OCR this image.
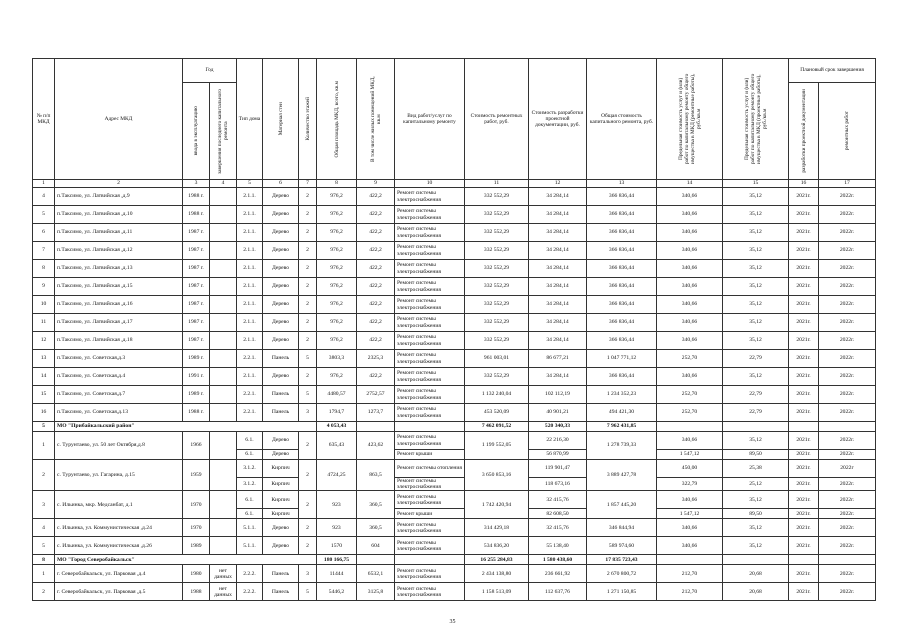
№ п/п МКД	Адрес МКД	Год		Тип дома	Материал стен	Количество этажей	Общая площадь МКД, всего, кв.м	В том числе жилых помещений МКД, кв.м	Вид работ/услуг по капитальному ремонту	Стоимость ремонтных работ, руб.	Стоимость разработки проектной документации, руб.	Общая стоимость капитального ремонта, руб.	Предельная стоимость услуг и (или) работ по капитальному ремонту общего имущества в МКД (ремонтные работы), руб./кв.м	Предельная стоимость услуг и (или) работ по капитальному ремонту общего имущества в МКД (проектные работы), руб./кв.м	Плановый срок завершения	

		ввода в эксплуатацию	завершения последнего капитального ремонта												разработки проектной документации	ремонтных работ

1	2	3	4	5	6	7	8	9	10	11	12	13	14	15	16	17
4	п.Таксимо, ул. Латвийская ,д.9	1988 г.		2.1.1.	Дерево	2	976,2	422,2	Ремонт системы электроснабжения	332 552,29	34 284,14	366 836,44	340,66	35,12	2021г.	2022г.
5	п.Таксимо, ул. Латвийская ,д.10	1988 г.		2.1.1.	Дерево	2	976,2	422,2	Ремонт системы электроснабжения	332 552,29	34 284,14	366 836,44	340,66	35,12	2021г.	2022г.
6	п.Таксимо, ул. Латвийская ,д.11	1987 г.		2.1.1.	Дерево	2	976,2	422,2	Ремонт системы электроснабжения	332 552,29	34 284,14	366 836,44	340,66	35,12	2021г.	2022г.
7	п.Таксимо, ул. Латвийская ,д.12	1987 г.		2.1.1.	Дерево	2	976,2	422,2	Ремонт системы электроснабжения	332 552,29	34 284,14	366 836,44	340,66	35,12	2021г.	2022г.
8	п.Таксимо, ул. Латвийская ,д.13	1987 г.		2.1.1.	Дерево	2	976,2	422,2	Ремонт системы электроснабжения	332 552,29	34 284,14	366 836,44	340,66	35,12	2021г.	2022г.
9	п.Таксимо, ул. Латвийская ,д.15	1987 г.		2.1.1.	Дерево	2	976,2	422,2	Ремонт системы электроснабжения	332 552,29	34 284,14	366 836,44	340,66	35,12	2021г.	2022г.
10	п.Таксимо, ул. Латвийская ,д.16	1987 г.		2.1.1.	Дерево	2	976,2	422,2	Ремонт системы электроснабжения	332 552,29	34 284,14	366 836,44	340,66	35,12	2021г.	2022г.
11	п.Таксимо, ул. Латвийская ,д.17	1987 г.		2.1.1.	Дерево	2	976,2	422,2	Ремонт системы электроснабжения	332 552,29	34 284,14	366 836,44	340,66	35,12	2021г.	2022г.
12	п.Таксимо, ул. Латвийская ,д.18	1987 г.		2.1.1.	Дерево	2	976,2	422,2	Ремонт системы электроснабжения	332 552,29	34 284,14	366 836,44	340,66	35,12	2021г.	2022г.
13	п.Таксимо, ул. Советская,д.3	1989 г.		2.2.1.	Панель	5	3803,3	2325,3	Ремонт системы электроснабжения	961 003,01	86 677,21	1 047 771,12	252,70	22,79	2021г.	2022г.
14	п.Таксимо, ул. Советская,д.4	1991 г.		2.1.1.	Дерево	2	976,2	422,2	Ремонт системы электроснабжения	332 552,29	34 284,14	366 836,44	340,66	35,12	2021г.	2022г.
15	п.Таксимо, ул. Советская,д.7	1989 г.		2.2.1.	Панель	5	4480,57	2752,57	Ремонт системы электроснабжения	1 132 240,04	102 112,19	1 234 352,23	252,70	22,79	2021г.	2022г.
16	п.Таксимо, ул. Советская,д.13	1988 г.		2.2.1.	Панель	3	1794,7	1273,7	Ремонт системы электроснабжения	453 520,09	40 901,21	494 421,30	252,70	22,79	2021г.	2022г.
5	МО "Прибайкальский район"						4 053,43			7 462 091,52	520 340,33	7 962 431,85				
1	с. Турунтаево, ул. 50 лет Октября,д.8	1966		6.1.	Дерево	2	635,43	423,62	Ремонт системы электроснабжения	1 199 552,05	22 216,30	1 278 739,33	340,66	35,12	2021г.	2022г.
				6.1.	Дерево				Ремонт крыши		56 870,99		1 547,12	89,50	2021г.	2022г.
2	с. Турунтаево, ул. Гагарина, д.15	1959		3.1.2.	Кирпич	2	4724,25	863,5	Ремонт системы отопления	3 650 853,16	119 901,47	3 889 427,78	450,00	25,38	2021г.	2022г
				3.1.2.	Кирпич				Ремонт системы электроснабжения		118 673,16		322,79	25,12	2021г.	2022г.
3	с. Ильинка, мкр. Медсанбат, д.1	1970		6.1.	Кирпич	2	923	360,5	Ремонт системы электроснабжения	1 742 420,94	32 415,76	1 857 445,20	340,66	35,12	2021г.	2022г.
				6.1.	Кирпич				Ремонт крыши		82 608,50		1 547,12	89,50	2021г.	2022г.
4	с. Ильинка, ул. Коммунистическая ,д.24	1970		5.1.1.	Дерево	2	923	360,5	Ремонт системы электроснабжения	314 429,18	32 415,76	346 844,94	340,66	35,12	2021г.	2022г.
5	с. Ильинка, ул. Коммунистическая ,д.26	1989		5.1.1.	Дерево	2	1570	604	Ремонт системы электроснабжения	534 836,20	55 138,40	589 974,60	340,66	35,12	2021г.	2022г.
8	МО "Город Северобайкальск"						180 166,75			16 255 284,83	1 580 438,60	17 835 723,43				
1	г. Северобайкальск, ул. Парковая ,д.4	1980	нет данных	2.2.2.	Панель	3	11444	6532,1	Ремонт системы электроснабжения	2 434 138,80	236 661,92	2 670 800,72	212,70	20,68	2021г.	2022г.
2	г. Северобайкальск, ул. Парковая ,д.5	1988	нет данных	2.2.2.	Панель	5	5446,2	3125,8	Ремонт системы электроснабжения	1 158 513,09	112 637,76	1 271 150,85	212,70	20,68	2021г.	2022г.
35
